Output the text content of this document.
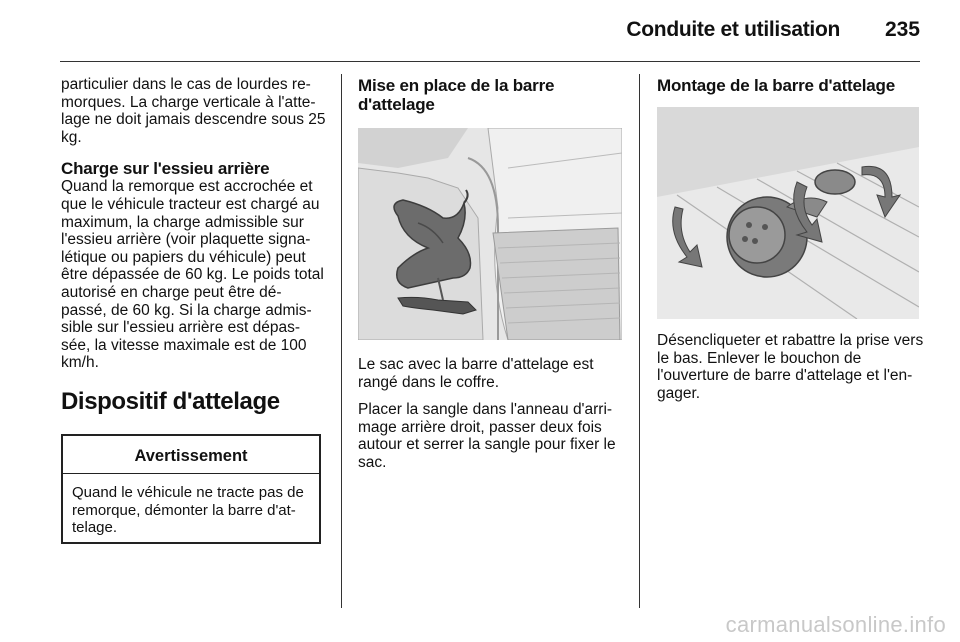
Conduite et utilisation 235

particulier dans le cas de lourdes re-morques. La charge verticale à l'atte-lage ne doit jamais descendre sous 25 kg.

Charge sur l'essieu arrière

Quand la remorque est accrochée et que le véhicule tracteur est chargé au maximum, la charge admissible sur l'essieu arrière (voir plaquette signa-létique ou papiers du véhicule) peut être dépassée de 60 kg. Le poids total autorisé en charge peut être dé-passé, de 60 kg. Si la charge admis-sible sur l'essieu arrière est dépas-sée, la vitesse maximale est de 100 km/h.

Dispositif d'attelage

Avertissement
Quand le véhicule ne tracte pas de remorque, démonter la barre d'at-telage.

Mise en place de la barre d'attelage

Le sac avec la barre d'attelage est rangé dans le coffre.

Placer la sangle dans l'anneau d'arri-mage arrière droit, passer deux fois autour et serrer la sangle pour fixer le sac.

Montage de la barre d'attelage

Désencliqueter et rabattre la prise vers le bas. Enlever le bouchon de l'ouverture de barre d'attelage et l'en-gager.

carmanualsonline.info
